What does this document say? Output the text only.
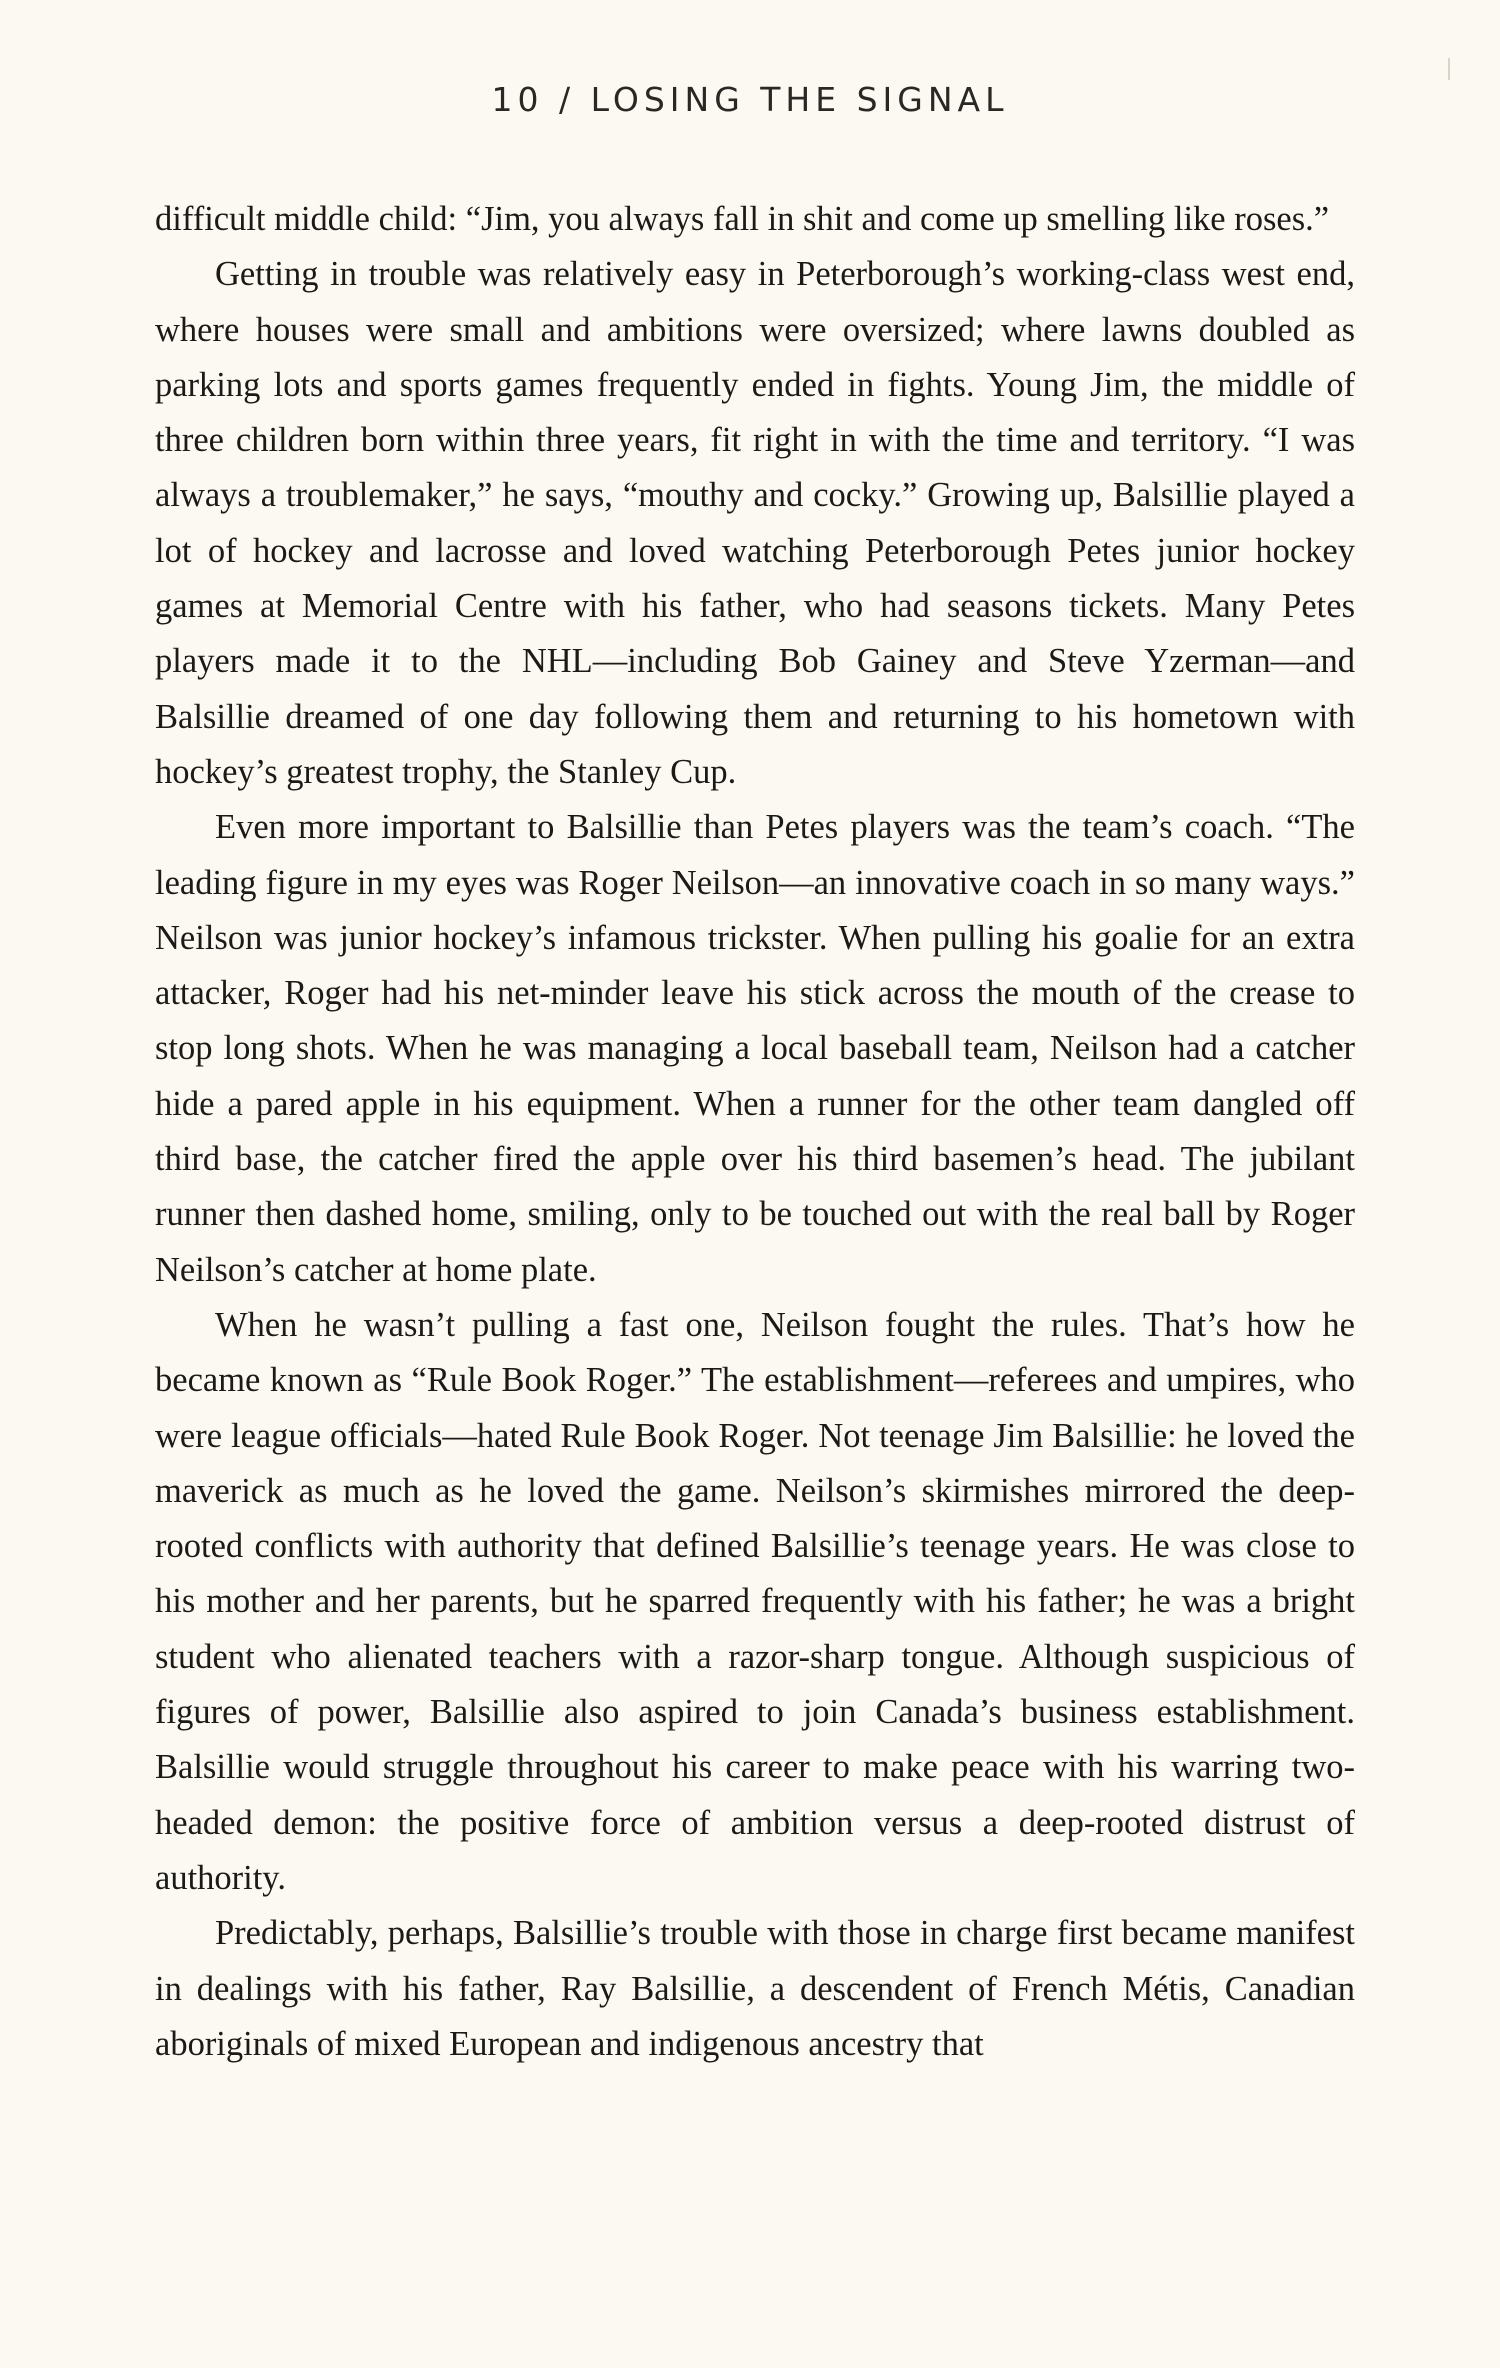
10 / LOSING THE SIGNAL

difficult middle child: “Jim, you always fall in shit and come up smelling like roses.”

Getting in trouble was relatively easy in Peterborough’s working-class west end, where houses were small and ambitions were oversized; where lawns doubled as parking lots and sports games frequently ended in fights. Young Jim, the middle of three children born within three years, fit right in with the time and territory. “I was always a troublemaker,” he says, “mouthy and cocky.” Growing up, Balsillie played a lot of hockey and lacrosse and loved watching Peterborough Petes junior hockey games at Memorial Centre with his father, who had seasons tickets. Many Petes players made it to the NHL—including Bob Gainey and Steve Yzerman—and Balsillie dreamed of one day following them and returning to his hometown with hockey’s greatest trophy, the Stanley Cup.

Even more important to Balsillie than Petes players was the team’s coach. “The leading figure in my eyes was Roger Neilson—an innovative coach in so many ways.” Neilson was junior hockey’s infamous trickster. When pulling his goalie for an extra attacker, Roger had his net-minder leave his stick across the mouth of the crease to stop long shots. When he was managing a local baseball team, Neilson had a catcher hide a pared apple in his equipment. When a runner for the other team dangled off third base, the catcher fired the apple over his third basemen’s head. The jubilant runner then dashed home, smiling, only to be touched out with the real ball by Roger Neilson’s catcher at home plate.

When he wasn’t pulling a fast one, Neilson fought the rules. That’s how he became known as “Rule Book Roger.” The establishment—referees and umpires, who were league officials—hated Rule Book Roger. Not teenage Jim Balsillie: he loved the maverick as much as he loved the game. Neilson’s skirmishes mirrored the deep-rooted conflicts with authority that defined Balsillie’s teenage years. He was close to his mother and her parents, but he sparred frequently with his father; he was a bright student who alienated teachers with a razor-sharp tongue. Although suspicious of figures of power, Balsillie also aspired to join Canada’s business establishment. Balsillie would struggle throughout his career to make peace with his warring two-headed demon: the positive force of ambition versus a deep-rooted distrust of authority.

Predictably, perhaps, Balsillie’s trouble with those in charge first became manifest in dealings with his father, Ray Balsillie, a descendent of French Métis, Canadian aboriginals of mixed European and indigenous ancestry that
